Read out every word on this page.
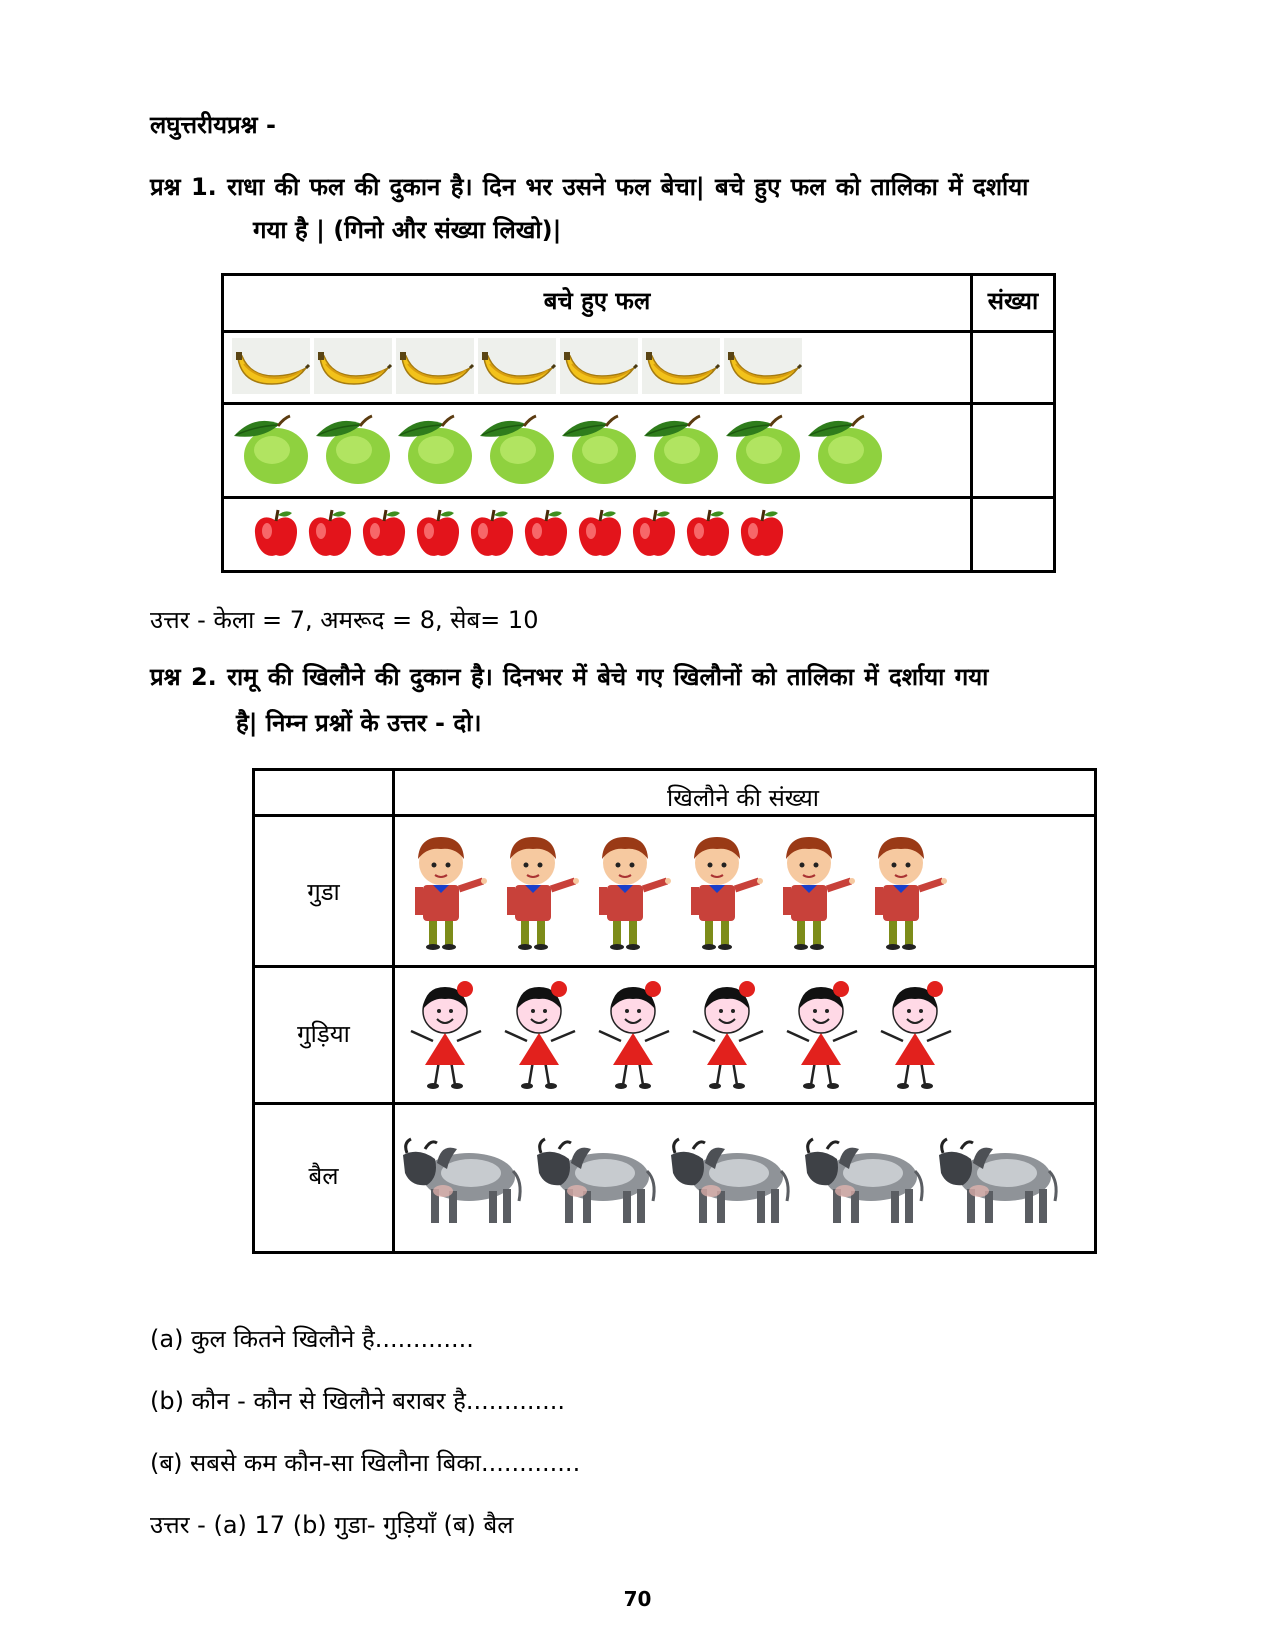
लघुत्तरीयप्रश्न -
प्रश्न 1. राधा की फल की दुकान है। दिन भर उसने फल बेचा| बचे हुए फल को तालिका में दर्शाया
गया है | (गिनो और संख्या लिखो)|
बचे हुए फल	संख्या
उत्तर - केला = 7, अमरूद = 8, सेब= 10
प्रश्न 2. रामू की खिलौने की दुकान है। दिनभर में बेचे गए खिलौनों को तालिका में दर्शाया गया
है| निम्न प्रश्नों के उत्तर - दो।
खिलौने की संख्या
गुडा
गुड़िया
बैल
(a) कुल कितने खिलौने है.............
(b) कौन - कौन से खिलौने बराबर है.............
(ब) सबसे कम कौन-सा खिलौना बिका.............
उत्तर - (a) 17 (b) गुडा- गुड़ियाँ (ब) बैल
70
